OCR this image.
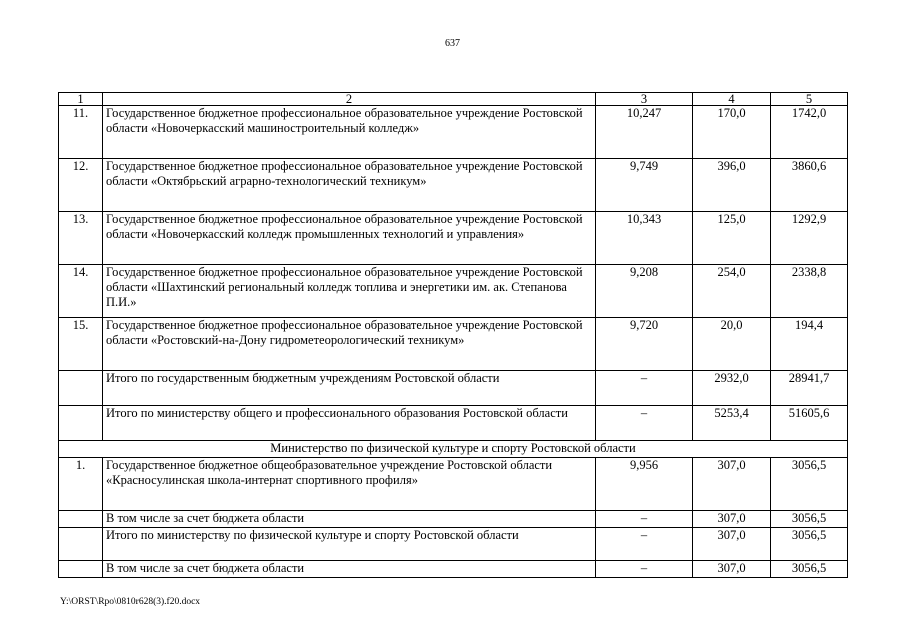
637
1	2	3	4	5
11.	Государственное бюджетное профессиональное образовательное учреждение Ростовской области «Новочеркасский машиностроительный колледж»	10,247	170,0	1742,0
12.	Государственное бюджетное профессиональное образовательное учреждение Ростовской области «Октябрьский аграрно-технологический техникум»	9,749	396,0	3860,6
13.	Государственное бюджетное профессиональное образовательное учреждение Ростовской области «Новочеркасский колледж промышленных технологий и управления»	10,343	125,0	1292,9
14.	Государственное бюджетное профессиональное образовательное учреждение Ростовской области «Шахтинский региональный колледж топлива и энергетики им. ак. Степанова П.И.»	9,208	254,0	2338,8
15.	Государственное бюджетное профессиональное образовательное учреждение Ростовской области «Ростовский-на-Дону гидрометеорологический техникум»	9,720	20,0	194,4
	Итого по государственным бюджетным учреждениям Ростовской области	–	2932,0	28941,7
	Итого по министерству общего и профессионального образования Ростовской области	–	5253,4	51605,6
Министерство по физической культуре и спорту Ростовской области				
1.	Государственное бюджетное общеобразовательное учреждение Ростовской области «Красносулинская школа-интернат спортивного профиля»	9,956	307,0	3056,5
	В том числе за счет бюджета области	–	307,0	3056,5
	Итого по министерству по физической культуре и спорту Ростовской области	–	307,0	3056,5
	В том числе за счет бюджета области	–	307,0	3056,5
Y:\ORST\Rpo\0810r628(3).f20.docx
